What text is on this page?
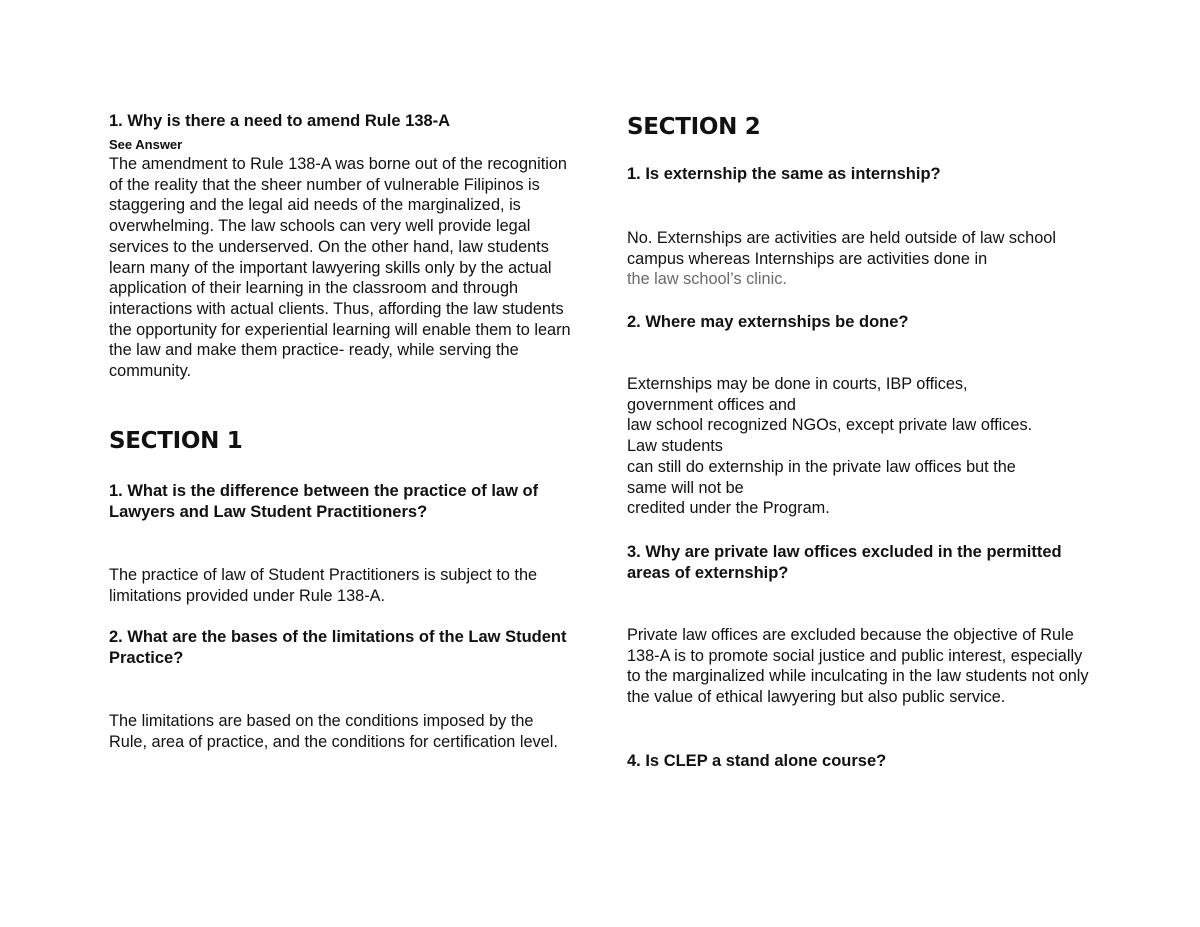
1. Why is there a need to amend Rule 138-A

See Answer

The amendment to Rule 138-A was borne out of the recognition of the reality that the sheer number of vulnerable Filipinos is staggering and the legal aid needs of the marginalized, is overwhelming. The law schools can very well provide legal services to the underserved. On the other hand, law students learn many of the important lawyering skills only by the actual application of their learning in the classroom and through interactions with actual clients. Thus, affording the law students the opportunity for experiential learning will enable them to learn the law and make them practice- ready, while serving the community.

SECTION 1

1. What is the difference between the practice of law of Lawyers and Law Student Practitioners?

The practice of law of Student Practitioners is subject to the limitations provided under Rule 138-A.

2. What are the bases of the limitations of the Law Student Practice?

The limitations are based on the conditions imposed by the Rule, area of practice, and the conditions for certification level.

SECTION 2

1. Is externship the same as internship?

No. Externships are activities are held outside of law school campus whereas Internships are activities done in
the law school’s clinic.

2. Where may externships be done?

Externships may be done in courts, IBP offices,
government offices and
law school recognized NGOs, except private law offices.
Law students
can still do externship in the private law offices but the
same will not be
credited under the Program.

3. Why are private law offices excluded in the permitted areas of externship?

Private law offices are excluded because the objective of Rule 138-A is to promote social justice and public interest, especially to the marginalized while inculcating in the law students not only the value of ethical lawyering but also public service.

4. Is CLEP a stand alone course?
